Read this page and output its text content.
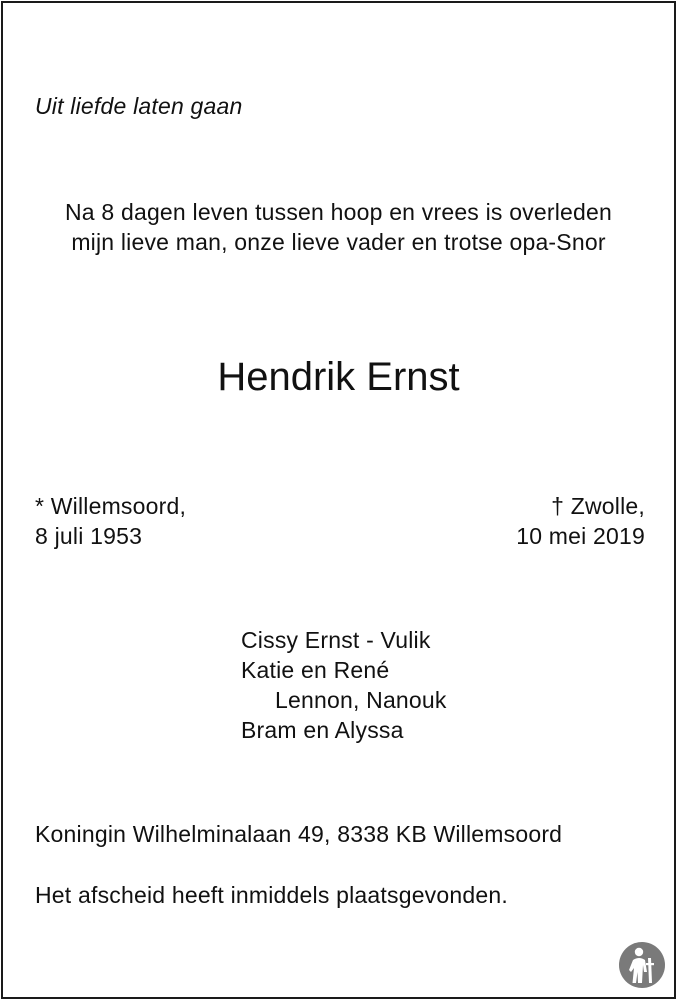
Uit liefde laten gaan
Na 8 dagen leven tussen hoop en vrees is overleden
mijn lieve man, onze lieve vader en trotse opa-Snor
Hendrik Ernst
* Willemsoord,
8 juli 1953
† Zwolle,
10 mei 2019
Cissy Ernst - Vulik
Katie en René
Lennon, Nanouk
Bram en Alyssa
Koningin Wilhelminalaan 49, 8338 KB Willemsoord
Het afscheid heeft inmiddels plaatsgevonden.
